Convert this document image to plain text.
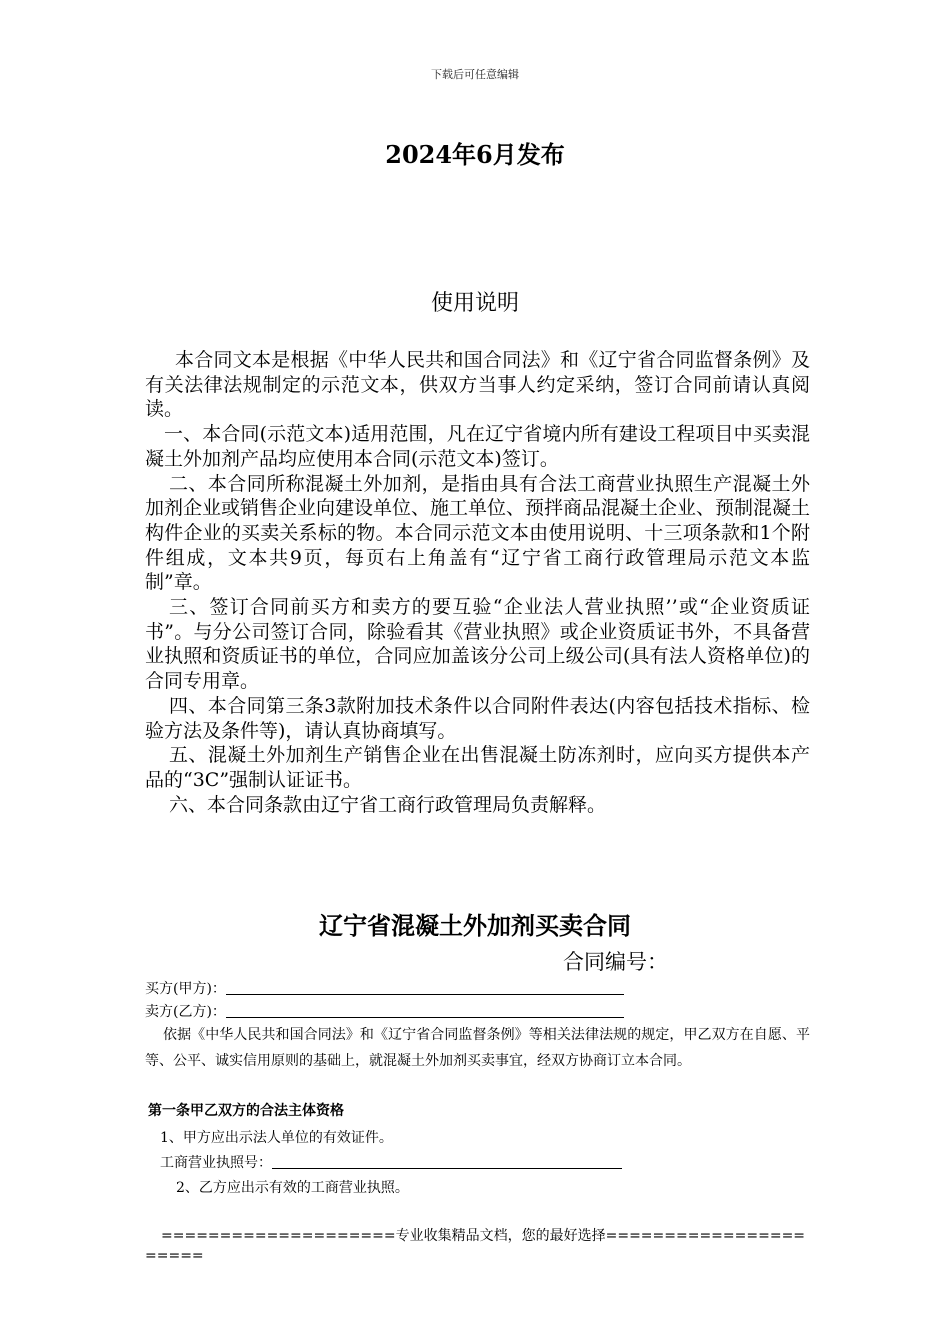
下载后可任意编辑
2024年6月发布
使用说明

本合同文本是根据《中华人民共和国合同法》和《辽宁省合同监督条例》及有关法律法规制定的示范文本，供双方当事人约定采纳，签订合同前请认真阅读。

一、本合同(示范文本)适用范围，凡在辽宁省境内所有建设工程项目中买卖混凝土外加剂产品均应使用本合同(示范文本)签订。

二、本合同所称混凝土外加剂，是指由具有合法工商营业执照生产混凝土外加剂企业或销售企业向建设单位、施工单位、预拌商品混凝土企业、预制混凝土构件企业的买卖关系标的物。本合同示范文本由使用说明、十三项条款和1个附件组成，文本共9页，每页右上角盖有“辽宁省工商行政管理局示范文本监制”章。

三、签订合同前买方和卖方的要互验“企业法人营业执照’’或“企业资质证书”。与分公司签订合同，除验看其《营业执照》或企业资质证书外，不具备营业执照和资质证书的单位，合同应加盖该分公司上级公司(具有法人资格单位)的合同专用章。

四、本合同第三条3款附加技术条件以合同附件表达(内容包括技术指标、检验方法及条件等)，请认真协商填写。

五、混凝土外加剂生产销售企业在出售混凝土防冻剂时，应向买方提供本产品的“3C”强制认证证书。

六、本合同条款由辽宁省工商行政管理局负责解释。

辽宁省混凝土外加剂买卖合同
合同编号：
买方(甲方)：
卖方(乙方)：
依据《中华人民共和国合同法》和《辽宁省合同监督条例》等相关法律法规的规定，甲乙双方在自愿、平等、公平、诚实信用原则的基础上，就混凝土外加剂买卖事宜，经双方协商订立本合同。
第一条甲乙双方的合法主体资格
1、甲方应出示法人单位的有效证件。
工商营业执照号：
2、乙方应出示有效的工商营业执照。
====================专业收集精品文档，您的最好选择======================
